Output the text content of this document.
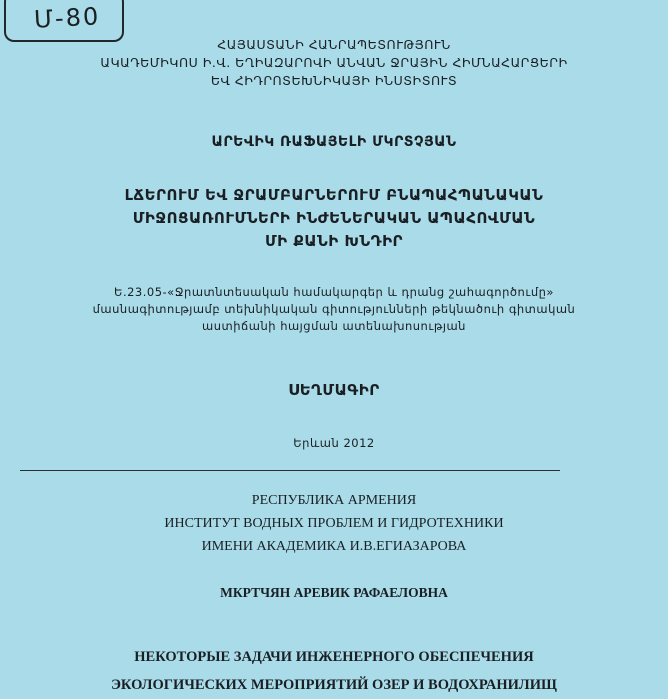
Մ-80
ՀԱՅԱՍՏԱՆԻ ՀԱՆՐԱՊԵՏՈՒԹՅՈՒՆ
ԱԿԱԴԵՄԻԿՈՍ Ի.Վ. ԵՂԻԱԶԱՐՈՎԻ ԱՆՎԱՆ ՋՐԱՅԻՆ ՀԻՄՆԱՀԱՐՑԵՐԻ
ԵՎ ՀԻԴՐՈՏԵԽՆԻԿԱՅԻ ԻՆՍՏԻՏՈՒՏ
ԱՐԵՎԻԿ ՌԱՖԱՅԵԼԻ ՄԿՐՏՉՅԱՆ
ԼՃԵՐՈՒՄ ԵՎ ՋՐԱՄԲԱՐՆԵՐՈՒՄ ԲՆԱՊԱՀՊԱՆԱԿԱՆ
ՄԻՋՈՑԱՌՈՒՄՆԵՐԻ ԻՆԺԵՆԵՐԱԿԱՆ ԱՊԱՀՈՎՄԱՆ
ՄԻ ՔԱՆԻ ԽՆԴԻՐ
Ե.23.05-«Ջրատնտեսական համակարգեր և դրանց շահագործումը»
մասնագիտությամբ տեխնիկական գիտությունների թեկնածուի գիտական
աստիճանի հայցման ատենախոսության
ՍԵՂՄԱԳԻՐ
Երևան 2012
РЕСПУБЛИКА АРМЕНИЯ
ИНСТИТУТ ВОДНЫХ ПРОБЛЕМ И ГИДРОТЕХНИКИ
ИМЕНИ АКАДЕМИКА И.В.ЕГИАЗАРОВА
МКРТЧЯН АРЕВИК РАФАЕЛОВНА
НЕКОТОРЫЕ ЗАДАЧИ ИНЖЕНЕРНОГО ОБЕСПЕЧЕНИЯ
ЭКОЛОГИЧЕСКИХ МЕРОПРИЯТИЙ ОЗЕР И ВОДОХРАНИЛИЩ
